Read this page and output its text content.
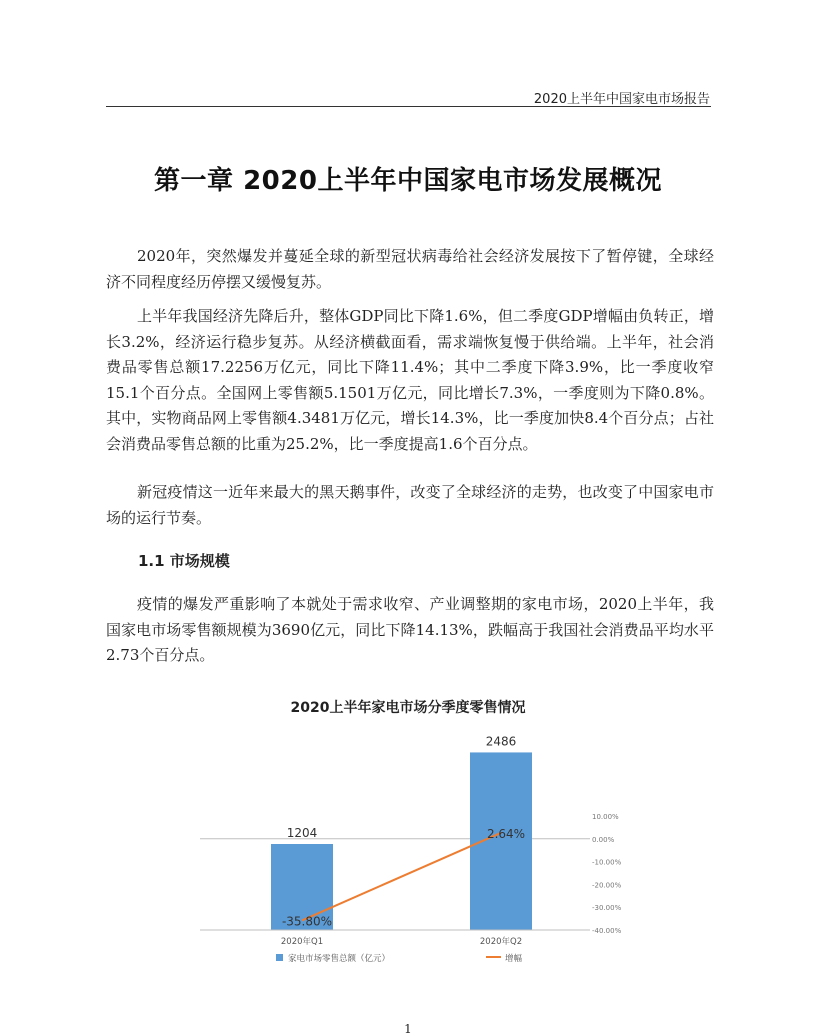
2020上半年中国家电市场报告
第一章 2020上半年中国家电市场发展概况

2020年，突然爆发并蔓延全球的新型冠状病毒给社会经济发展按下了暂停键，全球经济不同程度经历停摆又缓慢复苏。

上半年我国经济先降后升，整体GDP同比下降1.6%，但二季度GDP增幅由负转正，增长3.2%，经济运行稳步复苏。从经济横截面看，需求端恢复慢于供给端。上半年，社会消费品零售总额17.2256万亿元，同比下降11.4%；其中二季度下降3.9%，比一季度收窄15.1个百分点。全国网上零售额5.1501万亿元，同比增长7.3%，一季度则为下降0.8%。其中，实物商品网上零售额4.3481万亿元，增长14.3%，比一季度加快8.4个百分点；占社会消费品零售总额的比重为25.2%，比一季度提高1.6个百分点。

新冠疫情这一近年来最大的黑天鹅事件，改变了全球经济的走势，也改变了中国家电市场的运行节奏。

1.1 市场规模

疫情的爆发严重影响了本就处于需求收窄、产业调整期的家电市场，2020上半年，我国家电市场零售额规模为3690亿元，同比下降14.13%，跌幅高于我国社会消费品平均水平2.73个百分点。

2020上半年家电市场分季度零售情况
1204
2486
2020年Q1	2020年Q2
-35.80%
2.64%
10.00%
0.00%
-10.00%
-20.00%
-30.00%
-40.00%
家电市场零售总额（亿元）	增幅
1
